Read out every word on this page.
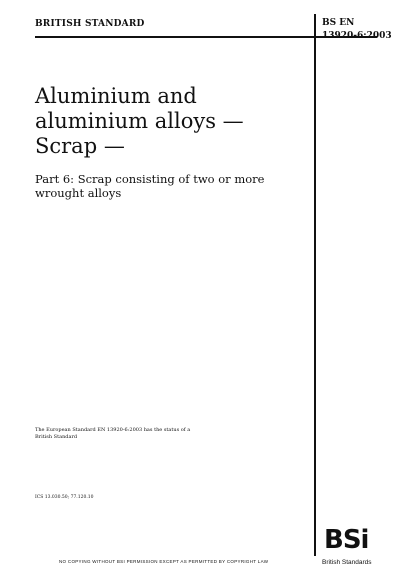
BRITISH STANDARD	BS EN
13920-6:2003
Aluminium and
aluminium alloys —
Scrap —
Part 6: Scrap consisting of two or more
wrought alloys
The European Standard EN 13920-6:2003 has the status of a
British Standard
ICS 13.030.50; 77.120.10
NO COPYING WITHOUT BSI PERMISSION EXCEPT AS PERMITTED BY COPYRIGHT LAW
BSi
British Standards
